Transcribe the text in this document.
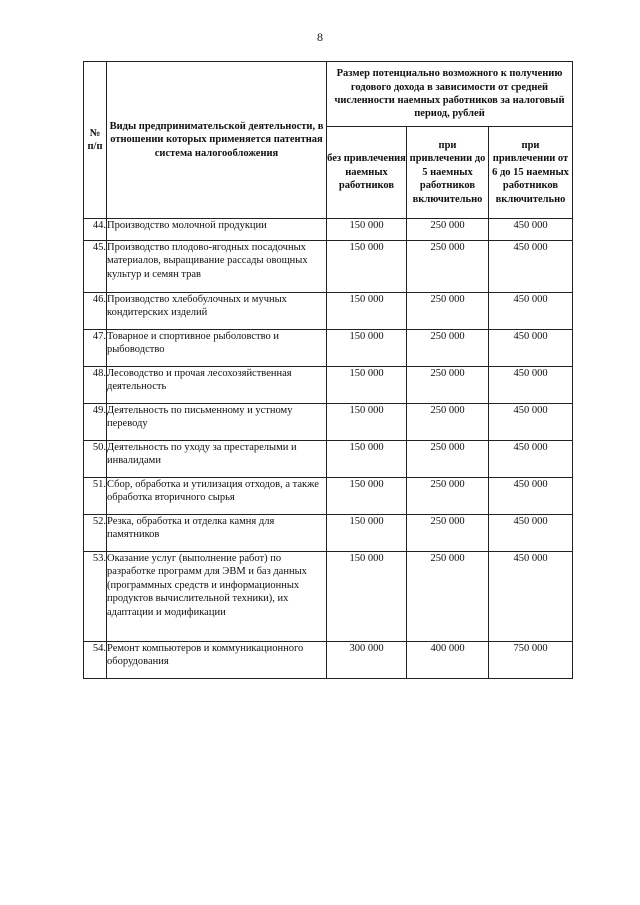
8
№ п/п	Виды предпринимательской деятельности, в отношении которых применяется патентная система налогообложения	Размер потенциально возможного к получению годового дохода в зависимости от средней численности наемных работников за налоговый период, рублей		
		без привлечения наемных работников	при привлечении до 5 наемных работников включительно	при привлечении от 6 до 15 наемных работников включительно
44.	Производство молочной продукции	150 000	250 000	450 000
45.	Производство плодово-ягодных посадочных материалов, выращивание рассады овощных культур и семян трав	150 000	250 000	450 000
46.	Производство хлебобулочных и мучных кондитерских изделий	150 000	250 000	450 000
47.	Товарное и спортивное рыболовство и рыбоводство	150 000	250 000	450 000
48.	Лесоводство и прочая лесохозяйственная деятельность	150 000	250 000	450 000
49.	Деятельность по письменному и устному переводу	150 000	250 000	450 000
50.	Деятельность по уходу за престарелыми и инвалидами	150 000	250 000	450 000
51.	Сбор, обработка и утилизация отходов, а также обработка вторичного сырья	150 000	250 000	450 000
52.	Резка, обработка и отделка камня для памятников	150 000	250 000	450 000
53.	Оказание услуг (выполнение работ) по разработке программ для ЭВМ и баз данных (программных средств и информационных продуктов вычислительной техники), их адаптации и модификации	150 000	250 000	450 000
54.	Ремонт компьютеров и коммуникационного оборудования	300 000	400 000	750 000
